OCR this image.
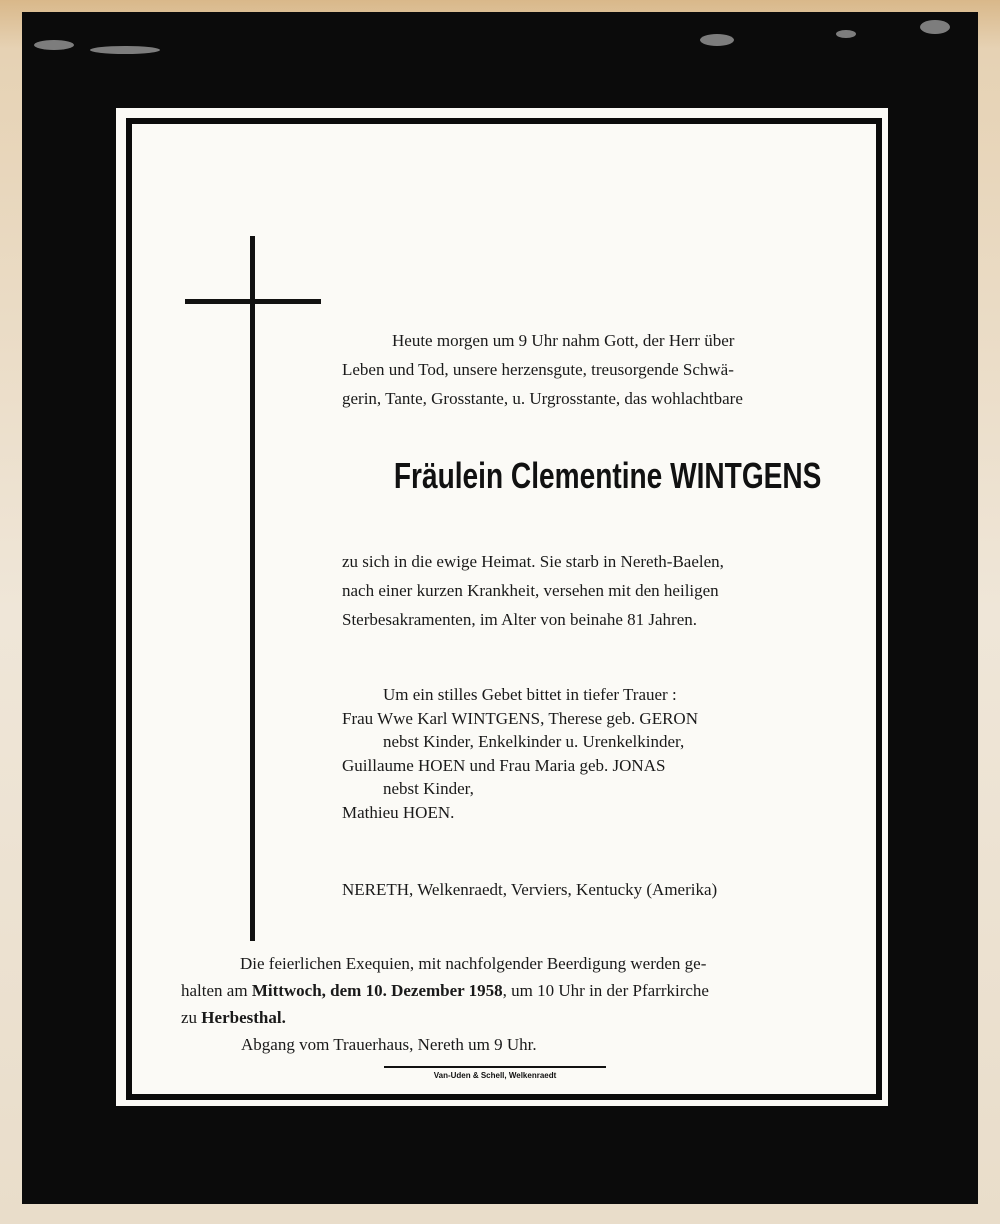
Heute morgen um 9 Uhr nahm Gott, der Herr über
Leben und Tod, unsere herzensgute, treusorgende Schwä-
gerin, Tante, Grosstante, u. Urgrosstante, das wohlachtbare
Fräulein Clementine WINTGENS
zu sich in die ewige Heimat. Sie starb in Nereth-Baelen,
nach einer kurzen Krankheit, versehen mit den heiligen
Sterbesakramenten, im Alter von beinahe 81 Jahren.
Um ein stilles Gebet bittet in tiefer Trauer :
Frau Wwe Karl WINTGENS, Therese geb. GERON
nebst Kinder, Enkelkinder u. Urenkelkinder,
Guillaume HOEN und Frau Maria geb. JONAS
nebst Kinder,
Mathieu HOEN.
NERETH, Welkenraedt, Verviers, Kentucky (Amerika)
Die feierlichen Exequien, mit nachfolgender Beerdigung werden ge-
halten am Mittwoch, dem 10. Dezember 1958, um 10 Uhr in der Pfarrkirche
zu Herbesthal.
Abgang vom Trauerhaus, Nereth um 9 Uhr.
Van-Uden & Schell, Welkenraedt
